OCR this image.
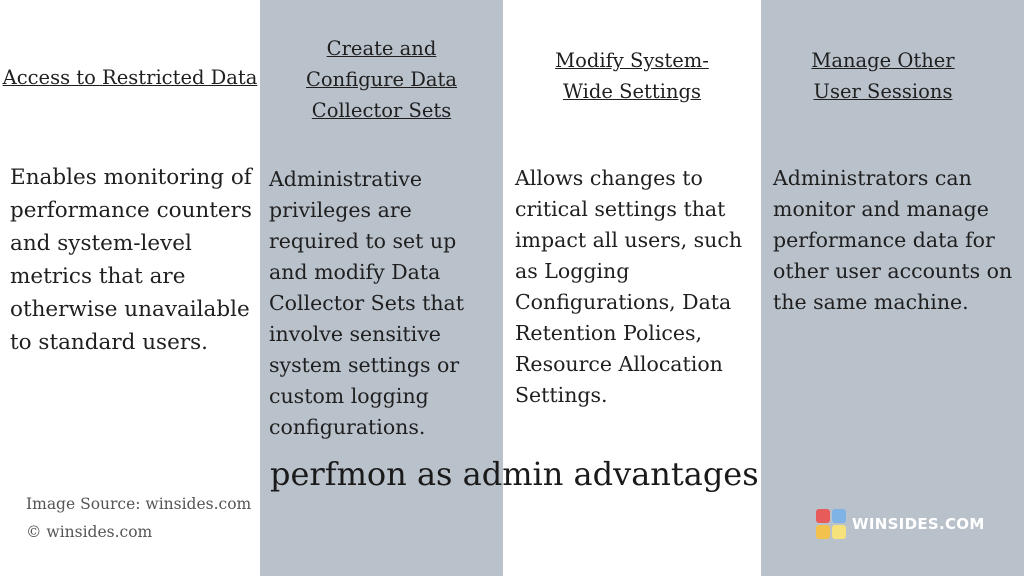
Access to Restricted Data
Enables monitoring of performance counters and system-level metrics that are otherwise unavailable to standard users.
Create and
Configure Data
Collector Sets
Administrative privileges are required to set up and modify Data Collector Sets that involve sensitive system settings or custom logging configurations.
Modify System-
Wide Settings
Allows changes to critical settings that impact all users, such as Logging Configurations, Data Retention Polices, Resource Allocation Settings.
Manage Other
User Sessions
Administrators can monitor and manage performance data for other user accounts on the same machine.
perfmon as admin advantages
Image Source: winsides.com
© winsides.com	WINSIDES.COM
